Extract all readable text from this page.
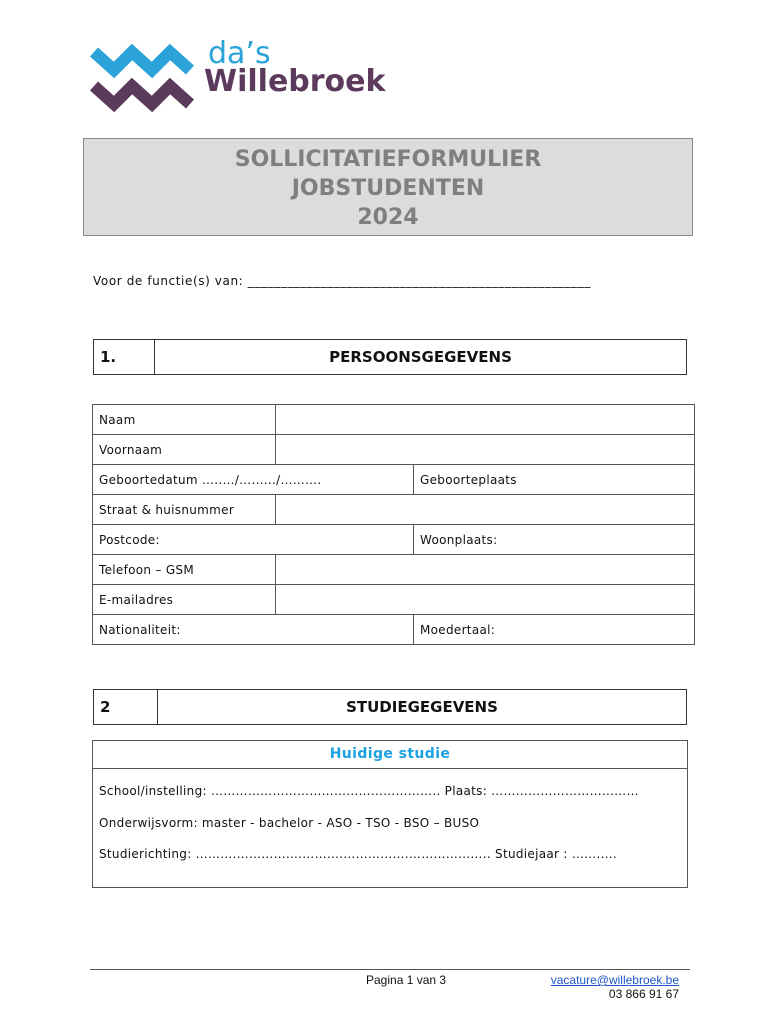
da’s
Willebroek
SOLLICITATIEFORMULIER
JOBSTUDENTEN
2024
Voor de functie(s) van: ____________________________________________________
1.	PERSOONSGEGEVENS
Naam		
Voornaam		
Geboortedatum …..…/….…../……….		Geboorteplaats
Straat & huisnummer		
Postcode:		Woonplaats:
Telefoon – GSM		
E-mailadres		
Nationaliteit:		Moedertaal:
2	STUDIEGEGEVENS
Huidige studie
School/instelling: ……………………………………………….. Plaats: ………………………………
Onderwijsvorm: master - bachelor - ASO - TSO - BSO – BUSO
Studierichting: ……….…………….……….…………….……………….. Studiejaar : …….….
Pagina 1 van 3	vacature@willebroek.be
03 866 91 67
